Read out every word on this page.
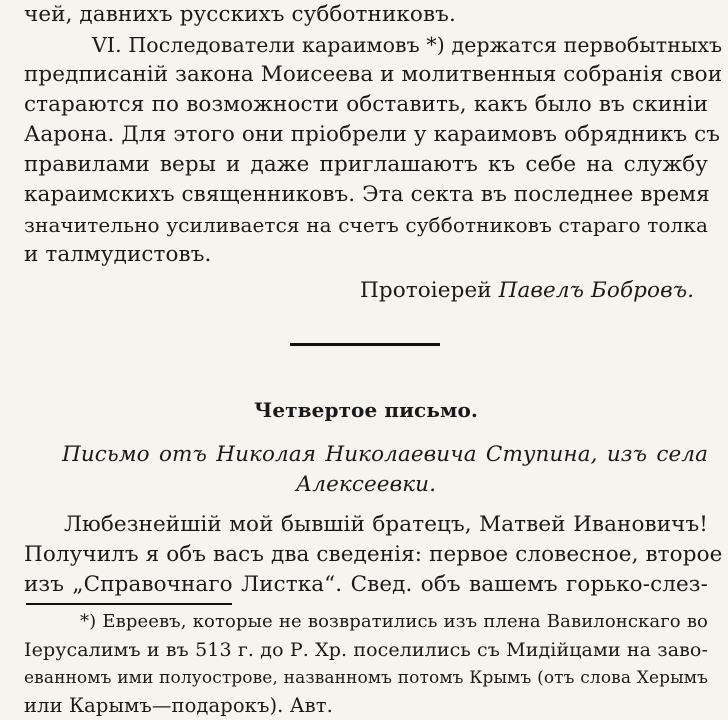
чей, давнихъ русскихъ субботниковъ.
VI. Последователи караимовъ *) держатся первобытныхъ
предписаній закона Моисеева и молитвенныя собранія свои
стараются по возможности обставить, какъ было въ скиніи
Аарона. Для этого они пріобрели у караимовъ обрядникъ съ
правилами веры и даже приглашаютъ къ себе на службу
караимскихъ священниковъ. Эта секта въ последнее время
значительно усиливается на счетъ субботниковъ стараго толка
и талмудистовъ.
Протоіерей Павелъ Бобровъ.
Четвертое письмо.
Письмо отъ Николая Николаевича Ступина, изъ села
Алексеевки.
Любезнейшій мой бывшій братецъ, Матвей Ивановичъ!
Получилъ я объ васъ два сведенія: первое словесное, второе
изъ „Справочнаго Листка“. Свед. объ вашемъ горько-слез-
*) Евреевъ, которые не возвратились изъ плена Вавилонскаго во
Іерусалимъ и въ 513 г. до Р. Хр. поселились съ Мидійцами на заво-
еванномъ ими полуострове, названномъ потомъ Крымъ (отъ слова Херымъ
или Карымъ—подарокъ). Авт.
